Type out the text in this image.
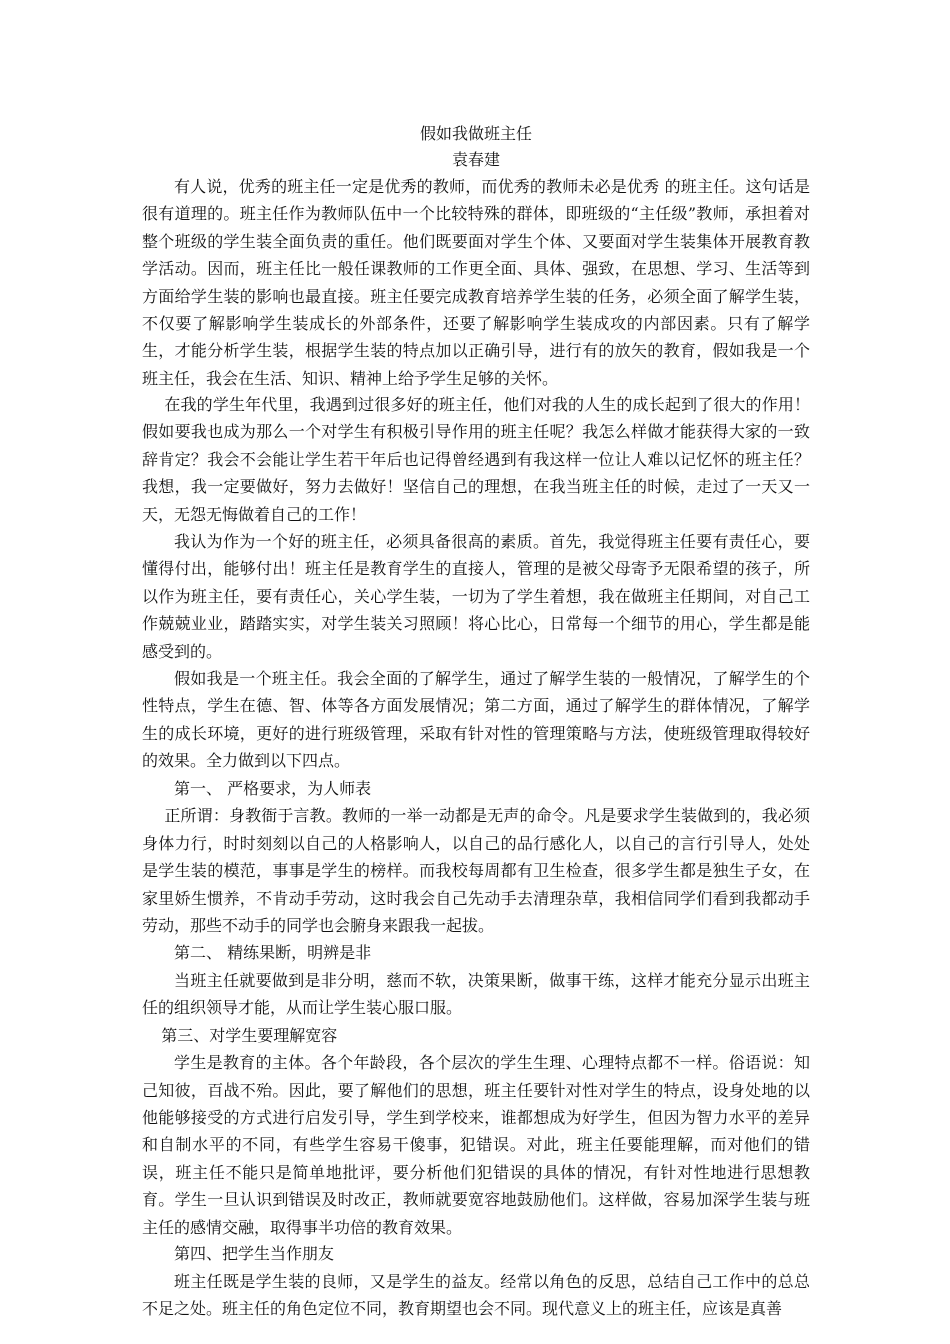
假如我做班主任

袁春建

有人说，优秀的班主任一定是优秀的教师，而优秀的教师未必是优秀 的班主任。这句话是很有道理的。班主任作为教师队伍中一个比较特殊的群体，即班级的“主任级”教师，承担着对整个班级的学生装全面负责的重任。他们既要面对学生个体、又要面对学生装集体开展教育教学活动。因而，班主任比一般任课教师的工作更全面、具体、强致，在思想、学习、生活等到方面给学生装的影响也最直接。班主任要完成教育培养学生装的任务，必须全面了解学生装，不仅要了解影响学生装成长的外部条件，还要了解影响学生装成攻的内部因素。只有了解学生，才能分析学生装，根据学生装的特点加以正确引导，进行有的放矢的教育，假如我是一个班主任，我会在生活、知识、精神上给予学生足够的关怀。

在我的学生年代里，我遇到过很多好的班主任，他们对我的人生的成长起到了很大的作用！假如要我也成为那么一个对学生有积极引导作用的班主任呢？我怎么样做才能获得大家的一致辞肯定？我会不会能让学生若干年后也记得曾经遇到有我这样一位让人难以记忆怀的班主任？我想，我一定要做好，努力去做好！坚信自己的理想，在我当班主任的时候，走过了一天又一天，无怨无悔做着自己的工作！

我认为作为一个好的班主任，必须具备很高的素质。首先，我觉得班主任要有责任心，要懂得付出，能够付出！班主任是教育学生的直接人，管理的是被父母寄予无限希望的孩子，所以作为班主任，要有责任心，关心学生装，一切为了学生着想，我在做班主任期间，对自己工作兢兢业业，踏踏实实，对学生装关习照顾！将心比心，日常每一个细节的用心，学生都是能感受到的。

假如我是一个班主任。我会全面的了解学生，通过了解学生装的一般情况，了解学生的个性特点，学生在德、智、体等各方面发展情况；第二方面，通过了解学生的群体情况，了解学生的成长环境，更好的进行班级管理，采取有针对性的管理策略与方法，使班级管理取得较好的效果。全力做到以下四点。

第一、 严格要求，为人师表

正所谓：身教衙于言教。教师的一举一动都是无声的命令。凡是要求学生装做到的，我必须身体力行，时时刻刻以自己的人格影响人，以自己的品行感化人，以自己的言行引导人，处处是学生装的模范，事事是学生的榜样。而我校每周都有卫生检查，很多学生都是独生子女，在家里娇生惯养，不肯动手劳动，这时我会自己先动手去清理杂草，我相信同学们看到我都动手劳动，那些不动手的同学也会腑身来跟我一起拔。

第二、 精练果断，明辨是非

当班主任就要做到是非分明，慈而不软，决策果断，做事干练，这样才能充分显示出班主任的组织领导才能，从而让学生装心服口服。

第三、对学生要理解宽容

学生是教育的主体。各个年龄段，各个层次的学生生理、心理特点都不一样。俗语说：知己知彼，百战不殆。因此，要了解他们的思想，班主任要针对性对学生的特点，设身处地的以他能够接受的方式进行启发引导，学生到学校来，谁都想成为好学生，但因为智力水平的差异和自制水平的不同，有些学生容易干傻事，犯错误。对此，班主任要能理解，而对他们的错误，班主任不能只是简单地批评，要分析他们犯错误的具体的情况，有针对性地进行思想教育。学生一旦认识到错误及时改正，教师就要宽容地鼓励他们。这样做，容易加深学生装与班主任的感情交融，取得事半功倍的教育效果。

第四、把学生当作朋友

班主任既是学生装的良师，又是学生的益友。经常以角色的反思，总结自己工作中的总总不足之处。班主任的角色定位不同，教育期望也会不同。现代意义上的班主任，应该是真善
